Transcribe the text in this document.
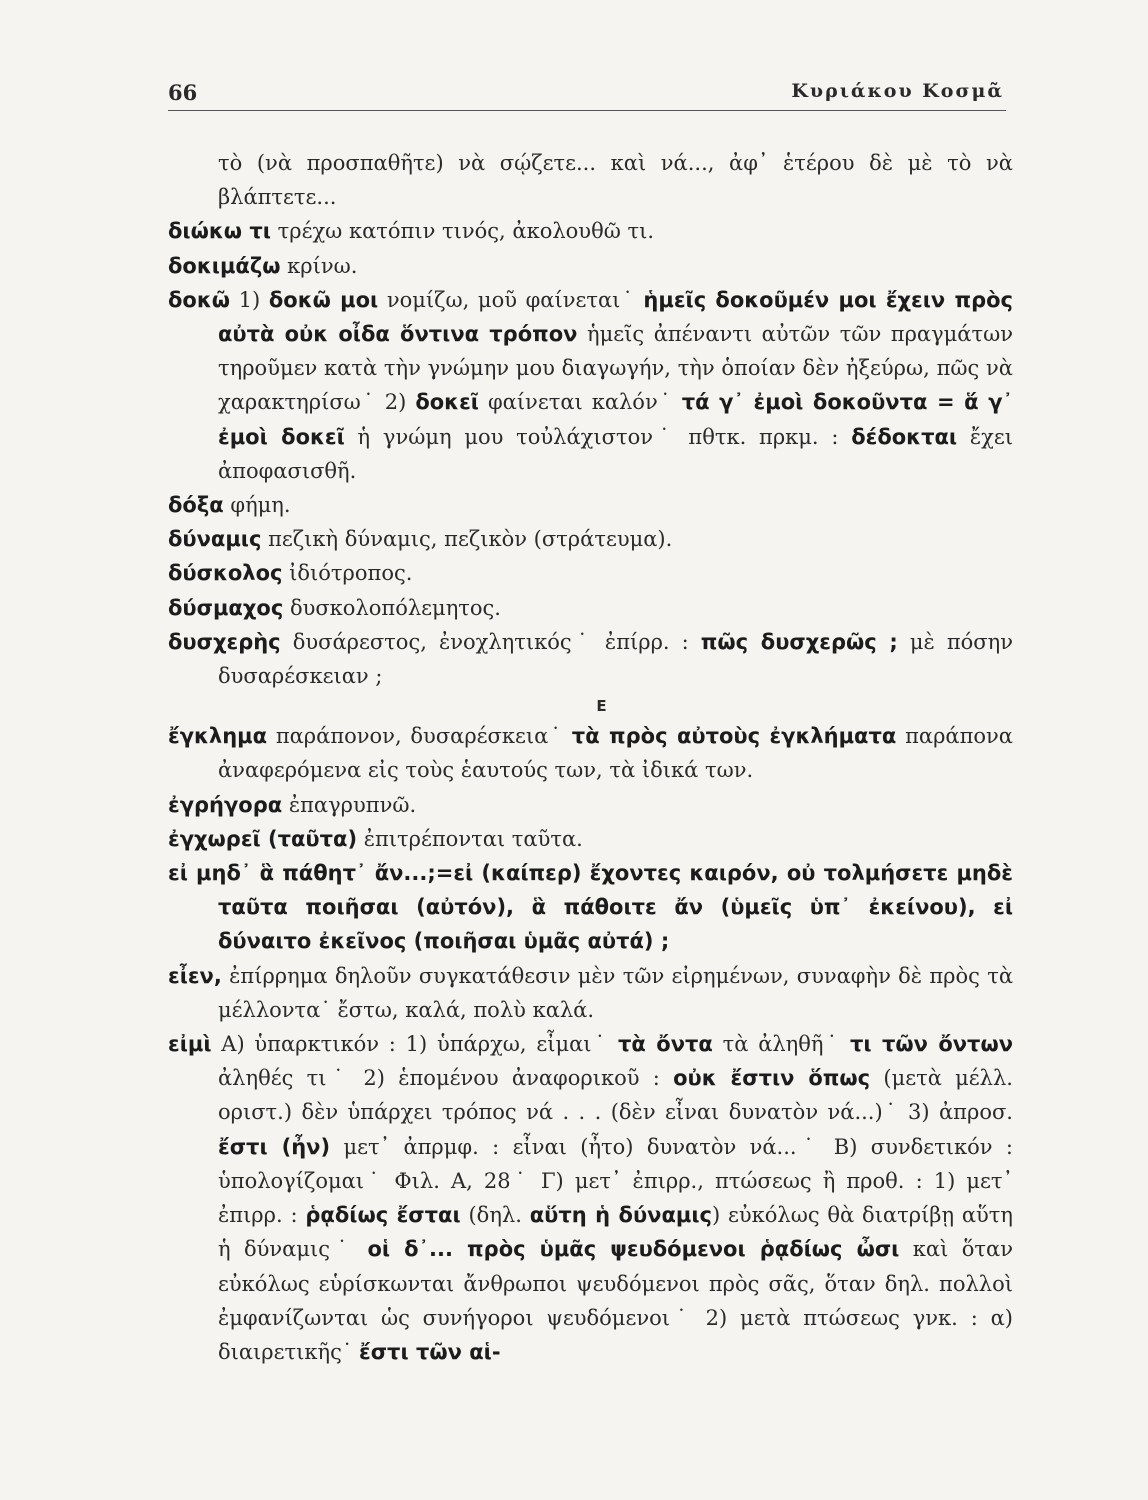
66	Κυριάκου Κοσμᾶ

τὸ (νὰ προσπαθῆτε) νὰ σῴζετε... καὶ νά..., ἀφ᾽ ἑτέρου δὲ μὲ τὸ νὰ βλάπτετε...

διώκω τι τρέχω κατόπιν τινός, ἀκολουθῶ τι.

δοκιμάζω κρίνω.

δοκῶ 1) δοκῶ μοι νομίζω, μοῦ φαίνεται˙ ἡμεῖς δοκοῦμέν μοι ἔχειν πρὸς αὐτὰ οὐκ οἶδα ὅντινα τρόπον ἡμεῖς ἀπέναντι αὐτῶν τῶν πραγμάτων τηροῦμεν κατὰ τὴν γνώμην μου διαγωγήν, τὴν ὁποίαν δὲν ἠξεύρω, πῶς νὰ χαρακτηρίσω˙ 2) δοκεῖ φαίνεται καλόν˙ τά γ᾽ ἐμοὶ δοκοῦντα = ἅ γ᾽ ἐμοὶ δοκεῖ ἡ γνώμη μου τοὐλάχιστον˙ πθτκ. πρκμ. : δέδοκται ἔχει ἀποφασισθῆ.

δόξα φήμη.

δύναμις πεζικὴ δύναμις, πεζικὸν (στράτευμα).

δύσκολος ἰδιότροπος.

δύσμαχος δυσκολοπόλεμητος.

δυσχερὴς δυσάρεστος, ἐνοχλητικός˙ ἐπίρρ. : πῶς δυσχερῶς ; μὲ πόσην δυσαρέσκειαν ;

Ε

ἔγκλημα παράπονον, δυσαρέσκεια˙ τὰ πρὸς αὐτοὺς ἐγκλήματα παράπονα ἀναφερόμενα εἰς τοὺς ἑαυτούς των, τὰ ἰδικά των.

ἐγρήγορα ἐπαγρυπνῶ.

ἐγχωρεῖ (ταῦτα) ἐπιτρέπονται ταῦτα.

εἰ μηδ᾽ ἃ πάθητ᾽ ἄν...;=εἰ (καίπερ) ἔχοντες καιρόν, οὐ τολμήσετε μηδὲ ταῦτα ποιῆσαι (αὐτόν), ἃ πάθοιτε ἄν (ὑμεῖς ὑπ᾽ ἐκείνου), εἰ δύναιτο ἐκεῖνος (ποιῆσαι ὑμᾶς αὐτά) ;

εἶεν, ἐπίρρημα δηλοῦν συγκατάθεσιν μὲν τῶν εἰρημένων, συναφὴν δὲ πρὸς τὰ μέλλοντα˙ ἔστω, καλά, πολὺ καλά.

εἰμὶ Α) ὑπαρκτικόν : 1) ὑπάρχω, εἶμαι˙ τὰ ὄντα τὰ ἀληθῆ˙ τι τῶν ὄντων ἀληθές τι˙ 2) ἑπομένου ἀναφορικοῦ : οὐκ ἔστιν ὅπως (μετὰ μέλλ. οριστ.) δὲν ὑπάρχει τρόπος νά . . . (δὲν εἶναι δυνατὸν νά...)˙ 3) ἀπροσ. ἔστι (ἦν) μετ᾽ ἀπρμφ. : εἶναι (ἦτο) δυνατὸν νά...˙ Β) συνδετικόν : ὑπολογίζομαι˙ Φιλ. Α, 28˙ Γ) μετ᾽ ἐπιρρ., πτώσεως ἢ προθ. : 1) μετ᾽ ἐπιρρ. : ῥᾳδίως ἔσται (δηλ. αὕτη ἡ δύναμις) εὐκόλως θὰ διατρίβῃ αὕτη ἡ δύναμις˙ οἱ δ᾽... πρὸς ὑμᾶς ψευδόμενοι ῥᾳδίως ὦσι καὶ ὅταν εὐκόλως εὑρίσκωνται ἄνθρωποι ψευδόμενοι πρὸς σᾶς, ὅταν δηλ. πολλοὶ ἐμφανίζωνται ὡς συνήγοροι ψευδόμενοι˙ 2) μετὰ πτώσεως γνκ. : α) διαιρετικῆς˙ ἔστι τῶν αἱ-
